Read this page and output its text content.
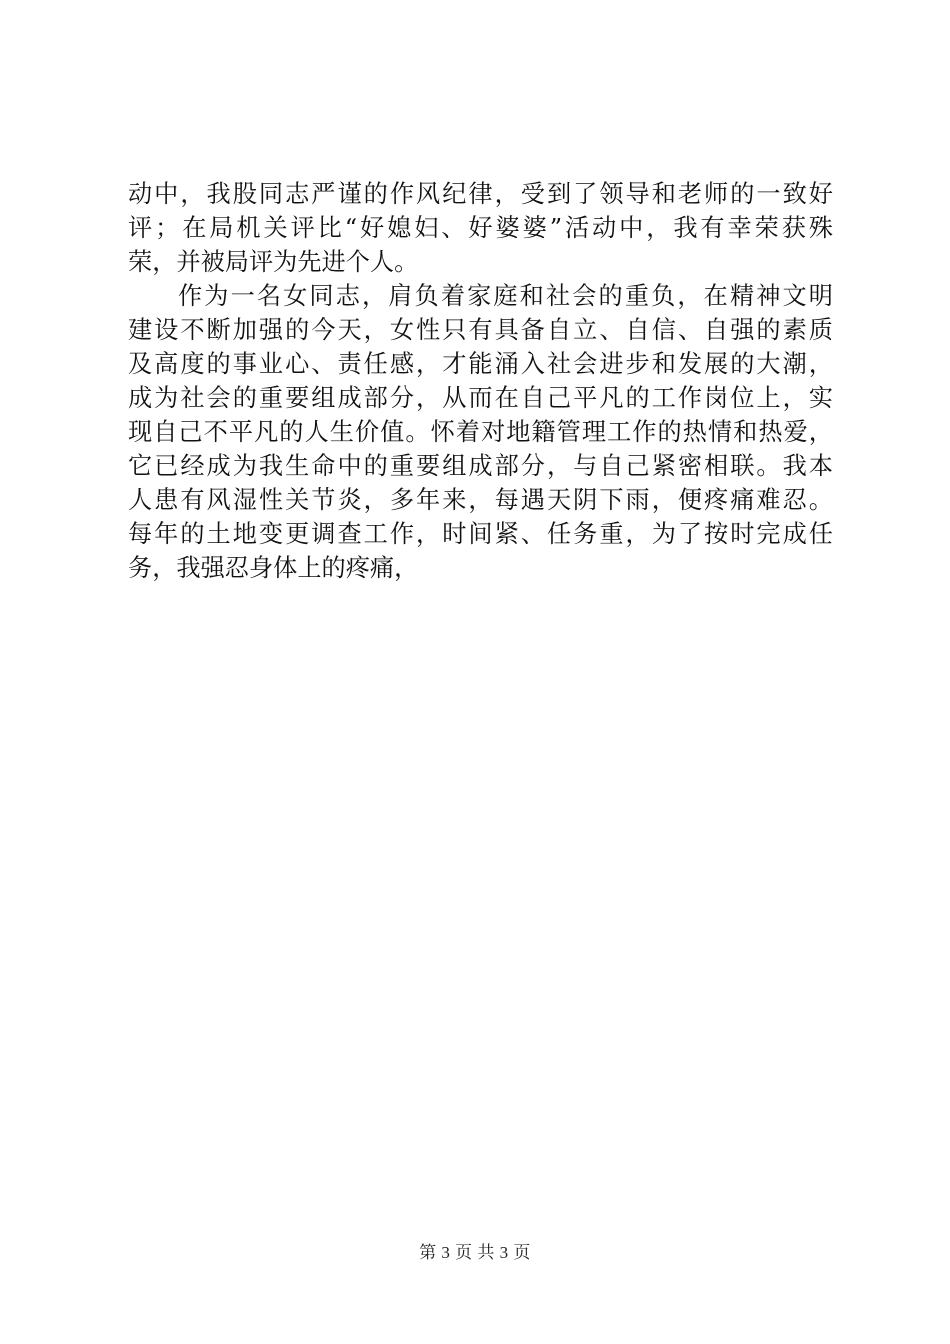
动中，我股同志严谨的作风纪律，受到了领导和老师的一致好
评；在局机关评比“好媳妇、好婆婆”活动中，我有幸荣获殊
荣，并被局评为先进个人。
作为一名女同志，肩负着家庭和社会的重负，在精神文明
建设不断加强的今天，女性只有具备自立、自信、自强的素质
及高度的事业心、责任感，才能涌入社会进步和发展的大潮，
成为社会的重要组成部分，从而在自己平凡的工作岗位上，实
现自己不平凡的人生价值。怀着对地籍管理工作的热情和热爱，
它已经成为我生命中的重要组成部分，与自己紧密相联。我本
人患有风湿性关节炎，多年来，每遇天阴下雨，便疼痛难忍。
每年的土地变更调查工作，时间紧、任务重，为了按时完成任
务，我强忍身体上的疼痛，
第 3 页 共 3 页
